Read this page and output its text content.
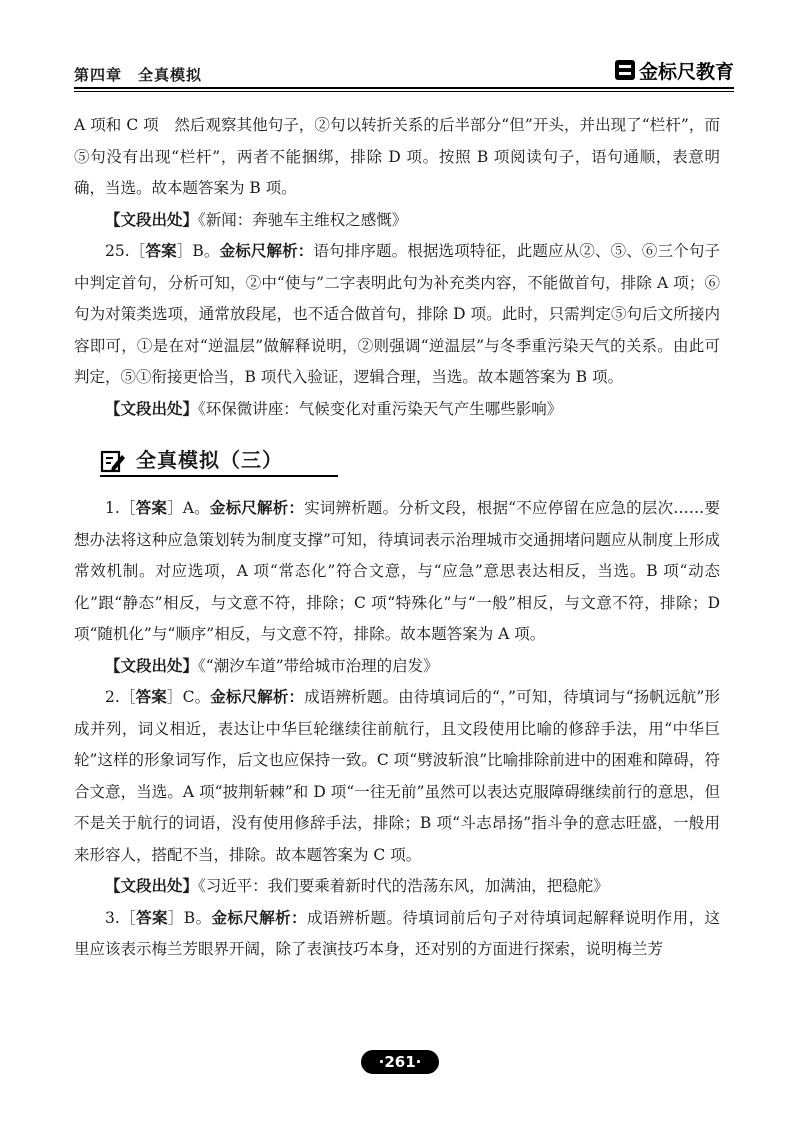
第四章　全真模拟	金标尺教育

A 项和 C 项　然后观察其他句子，②句以转折关系的后半部分“但”开头，并出现了“栏杆”，而⑤句没有出现“栏杆”，两者不能捆绑，排除 D 项。按照 B 项阅读句子，语句通顺，表意明确，当选。故本题答案为 B 项。

【文段出处】《新闻：奔驰车主维权之感慨》

25.［答案］B。金标尺解析：语句排序题。根据选项特征，此题应从②、⑤、⑥三个句子中判定首句，分析可知，②中“使与”二字表明此句为补充类内容，不能做首句，排除 A 项；⑥句为对策类选项，通常放段尾，也不适合做首句，排除 D 项。此时，只需判定⑤句后文所接内容即可，①是在对“逆温层”做解释说明，②则强调“逆温层”与冬季重污染天气的关系。由此可判定，⑤①衔接更恰当，B 项代入验证，逻辑合理，当选。故本题答案为 B 项。

【文段出处】《环保微讲座：气候变化对重污染天气产生哪些影响》

全真模拟（三）

1.［答案］A。金标尺解析：实词辨析题。分析文段，根据“不应停留在应急的层次……要想办法将这种应急策划转为制度支撑”可知，待填词表示治理城市交通拥堵问题应从制度上形成常效机制。对应选项，A 项“常态化”符合文意，与“应急”意思表达相反，当选。B 项“动态化”跟“静态”相反，与文意不符，排除；C 项“特殊化”与“一般”相反，与文意不符，排除；D 项“随机化”与“顺序”相反，与文意不符，排除。故本题答案为 A 项。

【文段出处】《“潮汐车道”带给城市治理的启发》

2.［答案］C。金标尺解析：成语辨析题。由待填词后的“，”可知，待填词与“扬帆远航”形成并列，词义相近，表达让中华巨轮继续往前航行，且文段使用比喻的修辞手法，用“中华巨轮”这样的形象词写作，后文也应保持一致。C 项“劈波斩浪”比喻排除前进中的困难和障碍，符合文意，当选。A 项“披荆斩棘”和 D 项“一往无前”虽然可以表达克服障碍继续前行的意思，但不是关于航行的词语，没有使用修辞手法，排除；B 项“斗志昂扬”指斗争的意志旺盛，一般用来形容人，搭配不当，排除。故本题答案为 C 项。

【文段出处】《习近平：我们要乘着新时代的浩荡东风，加满油，把稳舵》

3.［答案］B。金标尺解析：成语辨析题。待填词前后句子对待填词起解释说明作用，这里应该表示梅兰芳眼界开阔，除了表演技巧本身，还对别的方面进行探索，说明梅兰芳

·261·
